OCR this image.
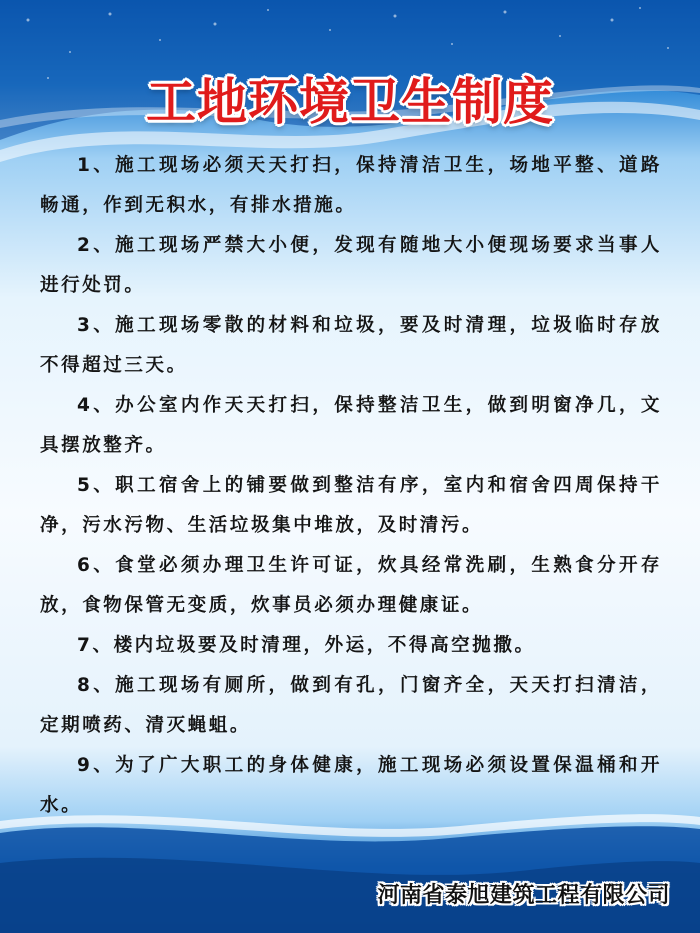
工地环境卫生制度
1、施工现场必须天天打扫，保持清洁卫生，场地平整、道路畅通，作到无积水，有排水措施。
2、施工现场严禁大小便，发现有随地大小便现场要求当事人进行处罚。
3、施工现场零散的材料和垃圾，要及时清理，垃圾临时存放不得超过三天。
4、办公室内作天天打扫，保持整洁卫生，做到明窗净几，文具摆放整齐。
5、职工宿舍上的铺要做到整洁有序，室内和宿舍四周保持干净，污水污物、生活垃圾集中堆放，及时清污。
6、食堂必须办理卫生许可证，炊具经常洗刷，生熟食分开存放，食物保管无变质，炊事员必须办理健康证。
7、楼内垃圾要及时清理，外运，不得高空抛撒。
8、施工现场有厕所，做到有孔，门窗齐全，天天打扫清洁，定期喷药、清灭蝇蛆。
9、为了广大职工的身体健康，施工现场必须设置保温桶和开水。
河南省泰旭建筑工程有限公司
